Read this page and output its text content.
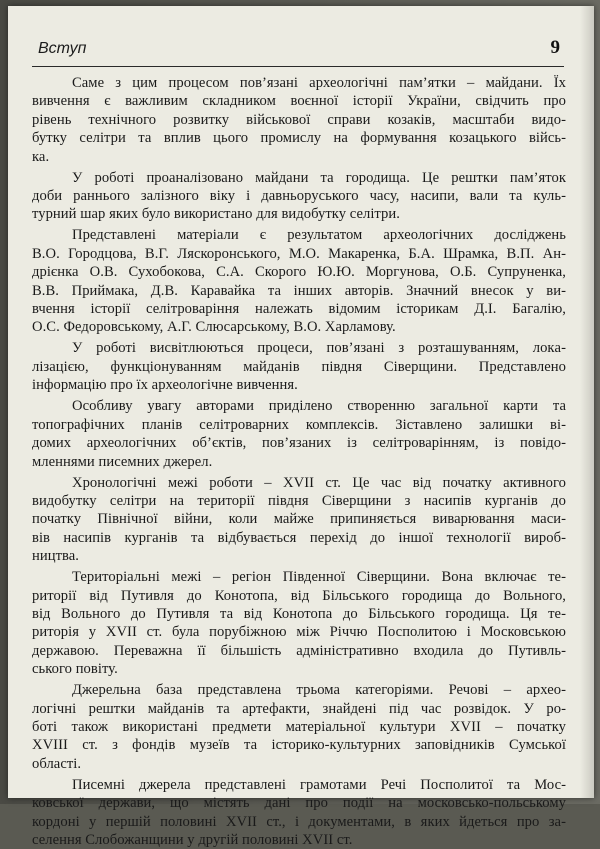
Вступ	9

Саме з цим процесом пов’язані археологічні пам’ятки – майдани. Їх
вивчення є важливим складником воєнної історії України, свідчить про
рівень технічного розвитку військової справи козаків, масштаби видо-
бутку селітри та вплив цього промислу на формування козацького війсь-
ка.

У роботі проаналізовано майдани та городища. Це рештки пам’яток
доби раннього залізного віку і давньоруського часу, насипи, вали та куль-
турний шар яких було використано для видобутку селітри.

Представлені матеріали є результатом археологічних досліджень
В.О. Городцова, В.Г. Ляскоронського, М.О. Макаренка, Б.А. Шрамка, В.П. Ан-
дрієнка О.В. Сухобокова, С.А. Скорого Ю.Ю. Моргунова, О.Б. Супруненка,
В.В. Приймака, Д.В. Каравайка та інших авторів. Значний внесок у ви-
вчення історії селітроваріння належать відомим історикам Д.І. Багалію,
О.С. Федоровському, А.Г. Слюсарському, В.О. Харламову.

У роботі висвітлюються процеси, пов’язані з розташуванням, локa-
лізацією, функціонуванням майданів півдня Сіверщини. Представлено
інформацію про їх археологічне вивчення.

Особливу увагу авторами приділено створенню загальної карти та
топографічних планів селітроварних комплексів. Зіставлено залишки ві-
домих археологічних об’єктів, пов’язаних із селітроварінням, із повідо-
мленнями писемних джерел.

Хронологічні межі роботи – XVII ст. Це час від початку активного
видобутку селітри на території півдня Сіверщини з насипів курганів до
початку Північної війни, коли майже припиняється виварювання маси-
вів насипів курганів та відбувається перехід до іншої технології вироб-
ництва.

Територіальні межі – регіон Південної Сіверщини. Вона включає те-
риторії від Путивля до Конотопа, від Більського городища до Вольного,
від Вольного до Путивля та від Конотопа до Більського городища. Ця те-
риторія у XVII ст. була порубіжною між Річчю Посполитою і Московською
державою. Переважна її більшість адміністративно входила до Путивль-
ського повіту.

Джерельна база представлена трьома категоріями. Речові – архео-
логічні рештки майданів та артефакти, знайдені під час розвідок. У ро-
боті також використані предмети матеріальної культури XVII – початку
XVIII ст. з фондів музеїв та історико-культурних заповідників Сумської
області.

Писемні джерела представлені грамотами Речі Посполитої та Мос-
ковської держави, що містять дані про події на московсько-польському
кордоні у першій половині XVII ст., і документами, в яких йдеться про за-
селення Слобожанщини у другій половині XVII ст.
